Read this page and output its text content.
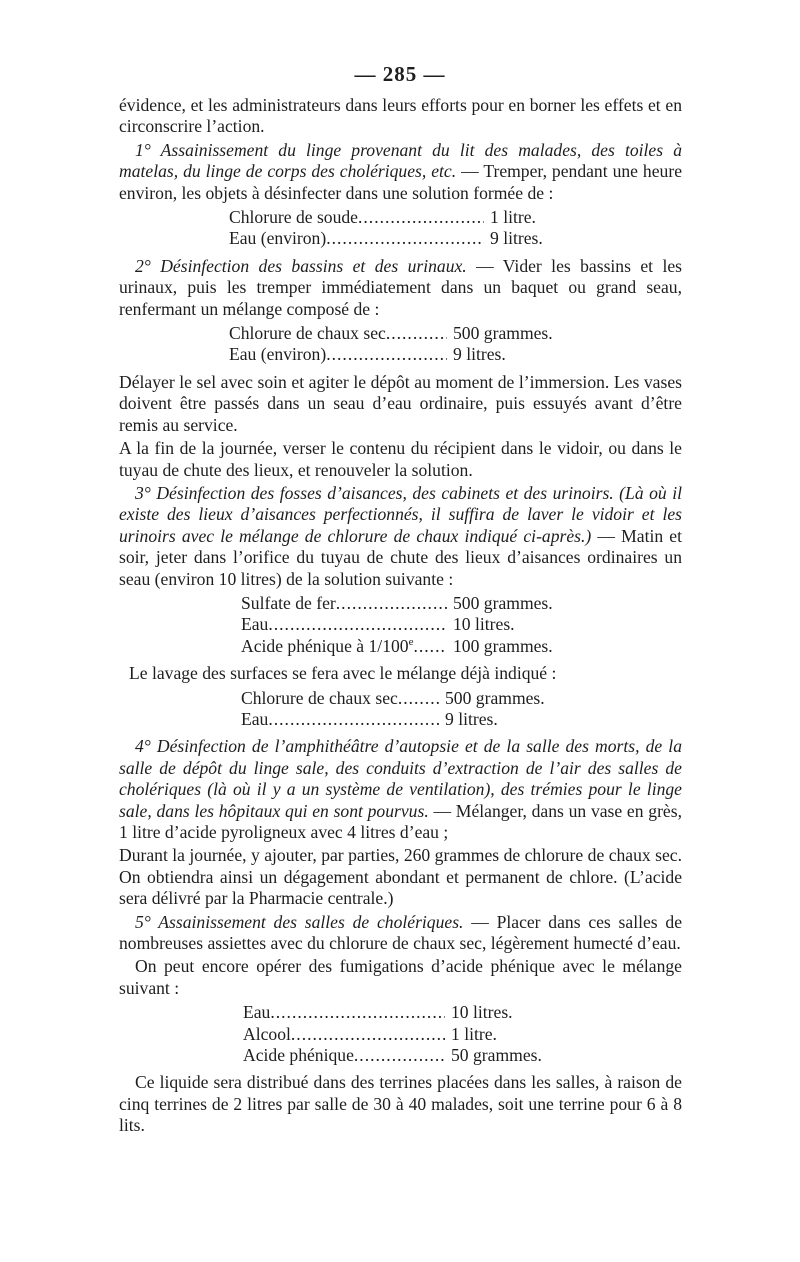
— 285 —

évidence, et les administrateurs dans leurs efforts pour en borner les effets et en circonscrire l’action.

1° Assainissement du linge provenant du lit des malades, des toiles à matelas, du linge de corps des cholériques, etc. — Tremper, pendant une heure environ, les objets à désinfecter dans une solution formée de :

Chlorure de soude .....	1 litre.
Eau (environ) .....	9 litres.

2° Désinfection des bassins et des urinaux. — Vider les bassins et les urinaux, puis les tremper immédiatement dans un baquet ou grand seau, renfermant un mélange composé de :

Chlorure de chaux sec .....	500 grammes.
Eau (environ) .....	9 litres.

Délayer le sel avec soin et agiter le dépôt au moment de l’immersion. Les vases doivent être passés dans un seau d’eau ordinaire, puis essuyés avant d’être remis au service.

A la fin de la journée, verser le contenu du récipient dans le vidoir, ou dans le tuyau de chute des lieux, et renouveler la solution.

3° Désinfection des fosses d’aisances, des cabinets et des urinoirs. (Là où il existe des lieux d’aisances perfectionnés, il suffira de laver le vidoir et les urinoirs avec le mélange de chlorure de chaux indiqué ci-après.) — Matin et soir, jeter dans l’orifice du tuyau de chute des lieux d’aisances ordinaires un seau (environ 10 litres) de la solution suivante :

Sulfate de fer .....	500 grammes.
Eau .....	10 litres.
Acide phénique à 1/100e .....	100 grammes.

Le lavage des surfaces se fera avec le mélange déjà indiqué :

Chlorure de chaux sec .....	500 grammes.
Eau .....	9 litres.

4° Désinfection de l’amphithéâtre d’autopsie et de la salle des morts, de la salle de dépôt du linge sale, des conduits d’extraction de l’air des salles de cholériques (là où il y a un système de ventilation), des trémies pour le linge sale, dans les hôpitaux qui en sont pourvus. — Mélanger, dans un vase en grès, 1 litre d’acide pyroligneux avec 4 litres d’eau ;

Durant la journée, y ajouter, par parties, 260 grammes de chlorure de chaux sec. On obtiendra ainsi un dégagement abondant et permanent de chlore. (L’acide sera délivré par la Pharmacie centrale.)

5° Assainissement des salles de cholériques. — Placer dans ces salles de nombreuses assiettes avec du chlorure de chaux sec, légèrement humecté d’eau.

On peut encore opérer des fumigations d’acide phénique avec le mélange suivant :

Eau .....	10 litres.
Alcool .....	1 litre.
Acide phénique .....	50 grammes.

Ce liquide sera distribué dans des terrines placées dans les salles, à raison de cinq terrines de 2 litres par salle de 30 à 40 malades, soit une terrine pour 6 à 8 lits.
